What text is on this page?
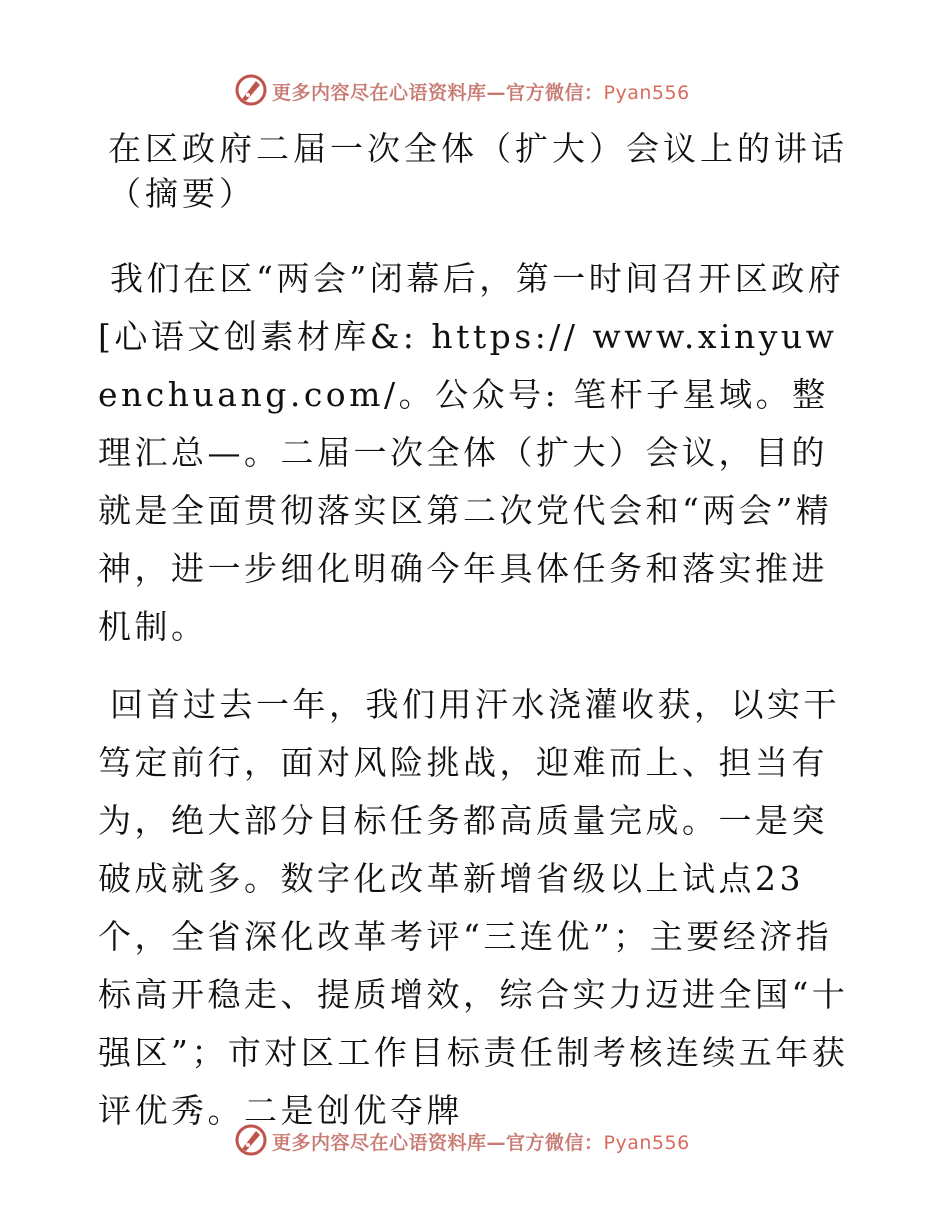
更多内容尽在心语资料库—官方微信：Pyan556
在区政府二届一次全体（扩大）会议上的讲话（摘要）

我们在区“两会”闭幕后，第一时间召开区政府[心语文创素材库&: https:// www.xinyuwenchuang.com/。公众号: 笔杆子星域。整理汇总—。二届一次全体（扩大）会议，目的就是全面贯彻落实区第二次党代会和“两会”精神，进一步细化明确今年具体任务和落实推进机制。

回首过去一年，我们用汗水浇灌收获，以实干笃定前行，面对风险挑战，迎难而上、担当有为，绝大部分目标任务都高质量完成。一是突破成就多。数字化改革新增省级以上试点23个，全省深化改革考评“三连优”；主要经济指标高开稳走、提质增效，综合实力迈进全国“十强区”；市对区工作目标责任制考核连续五年获评优秀。二是创优夺牌

更多内容尽在心语资料库—官方微信：Pyan556
